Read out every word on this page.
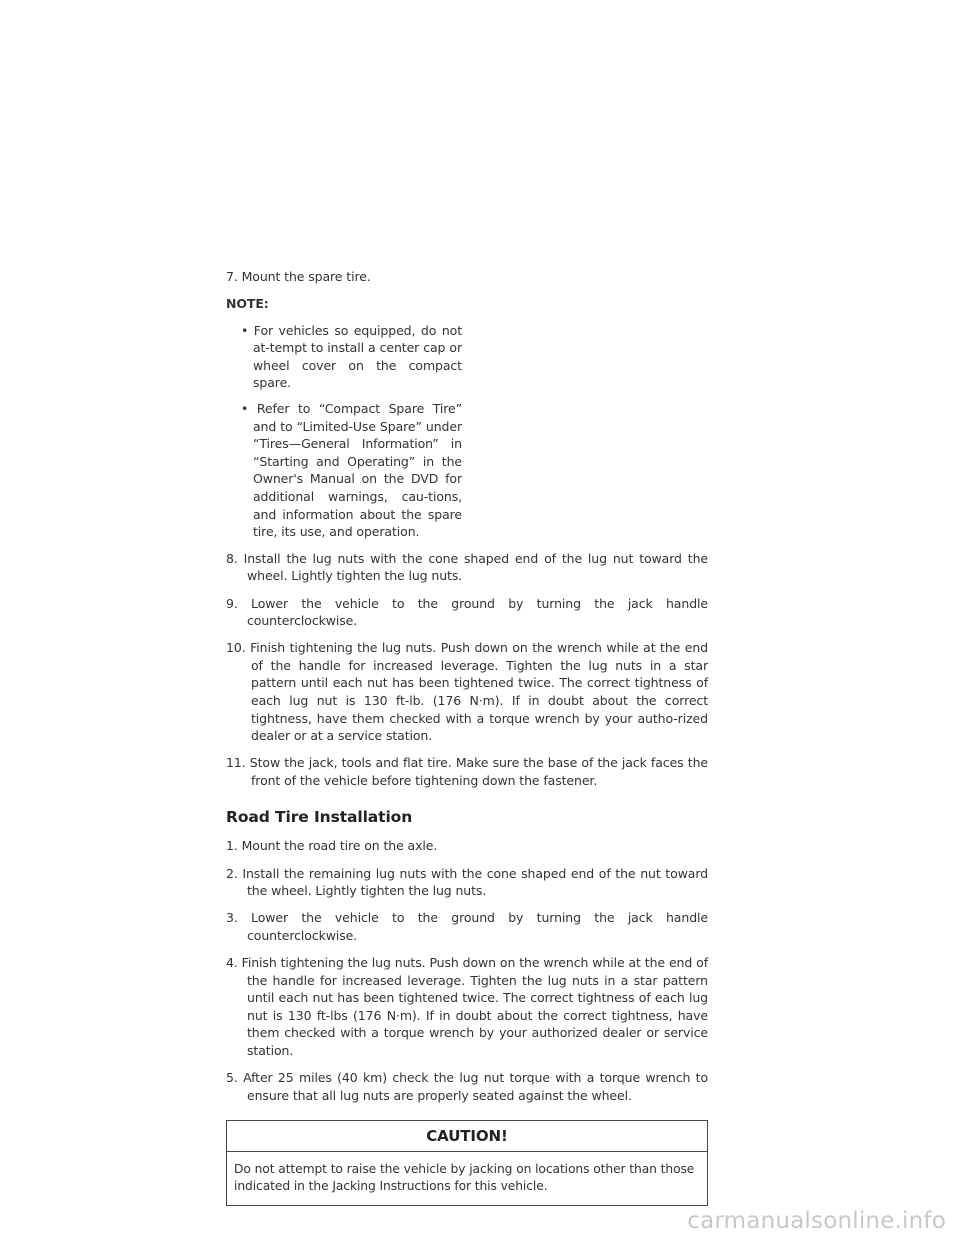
7. Mount the spare tire.

NOTE:

• For vehicles so equipped, do not at-tempt to install a center cap or wheel cover on the compact spare.

• Refer to “Compact Spare Tire” and to “Limited-Use Spare” under “Tires—General Information” in “Starting and Operating” in the Owner's Manual on the DVD for additional warnings, cau-tions, and information about the spare tire, its use, and operation.

8. Install the lug nuts with the cone shaped end of the lug nut toward the wheel. Lightly tighten the lug nuts.

9. Lower the vehicle to the ground by turning the jack handle counterclockwise.

10. Finish tightening the lug nuts. Push down on the wrench while at the end of the handle for increased leverage. Tighten the lug nuts in a star pattern until each nut has been tightened twice. The correct tightness of each lug nut is 130 ft-lb. (176 N·m). If in doubt about the correct tightness, have them checked with a torque wrench by your autho-rized dealer or at a service station.

11. Stow the jack, tools and flat tire. Make sure the base of the jack faces the front of the vehicle before tightening down the fastener.

Road Tire Installation

1. Mount the road tire on the axle.

2. Install the remaining lug nuts with the cone shaped end of the nut toward the wheel. Lightly tighten the lug nuts.

3. Lower the vehicle to the ground by turning the jack handle counterclockwise.

4. Finish tightening the lug nuts. Push down on the wrench while at the end of the handle for increased leverage. Tighten the lug nuts in a star pattern until each nut has been tightened twice. The correct tightness of each lug nut is 130 ft-lbs (176 N·m). If in doubt about the correct tightness, have them checked with a torque wrench by your authorized dealer or service station.

5. After 25 miles (40 km) check the lug nut torque with a torque wrench to ensure that all lug nuts are properly seated against the wheel.

CAUTION!
Do not attempt to raise the vehicle by jacking on locations other than those indicated in the Jacking Instructions for this vehicle.
carmanualsonline.info
